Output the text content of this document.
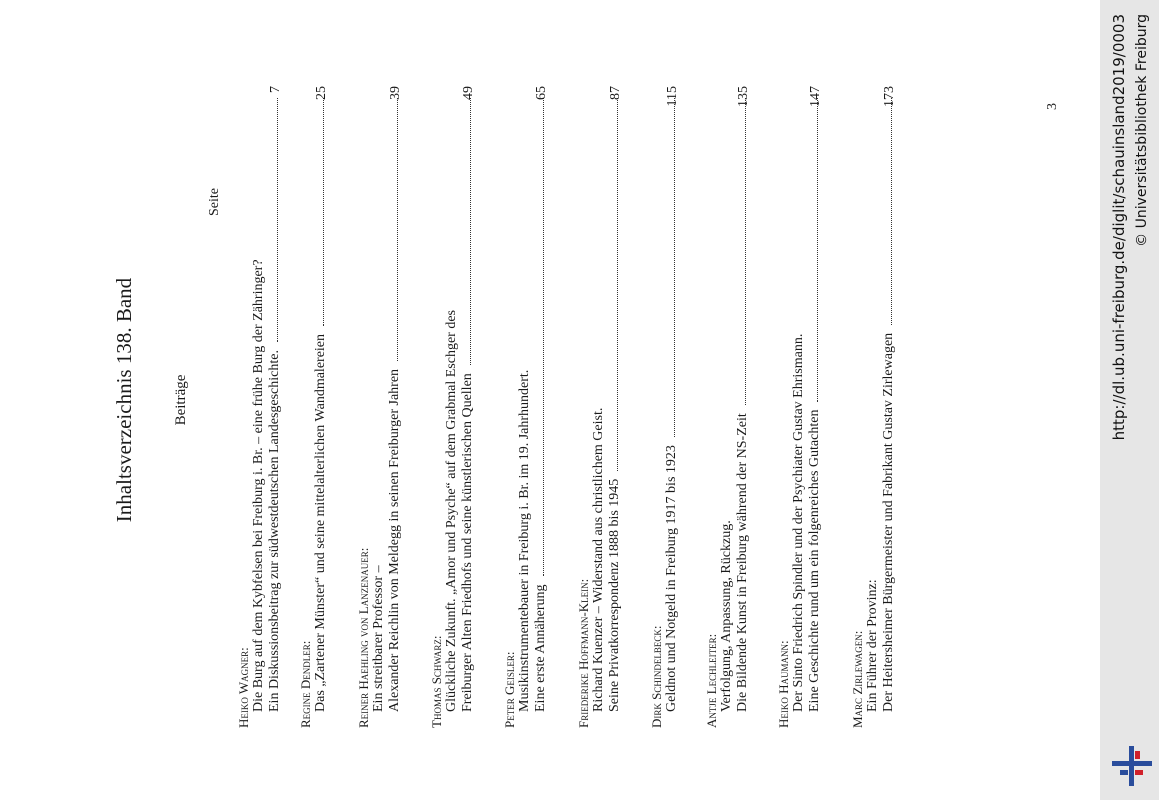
Inhaltsverzeichnis 138. Band Beiträge
Seite
Heiko Wagner: Die Burg auf dem Kybfelsen bei Freiburg i. Br. – eine frühe Burg der Zähringer? Ein Diskussionsbeitrag zur südwestdeutschen Landesgeschichte.
7
Regine Dendler: Das „Zartener Münster“ und seine mittelalterlichen Wandmalereien
25
Reiner Haehling von Lanzenauer: Ein streitbarer Professor – Alexander Reichlin von Meldegg in seinen Freiburger Jahren
39
Thomas Schwarz: Glückliche Zukunft. „Amor und Psyche“ auf dem Grabmal Eschger des Freiburger Alten Friedhofs und seine künstlerischen Quellen
49
Peter Geisler: Musikinstrumentebauer in Freiburg i. Br. im 19. Jahrhundert. Eine erste Annäherung
65
Friederike Hoffmann-Klein: Richard Kuenzer – Widerstand aus christlichem Geist. Seine Privatkorrespondenz 1888 bis 1945
87
Dirk Schindelbeck: Geldnot und Notgeld in Freiburg 1917 bis 1923
115
Antje Lechleiter: Verfolgung, Anpassung, Rückzug. Die Bildende Kunst in Freiburg während der NS-Zeit
135
Heiko Haumann: Der Sinto Friedrich Spindler und der Psychiater Gustav Ehrismann. Eine Geschichte rund um ein folgenreiches Gutachten
147
Marc Zirlewagen: Ein Führer der Provinz: Der Heitersheimer Bürgermeister und Fabrikant Gustav Zirlewagen
173	3	http://dl.ub.uni-freiburg.de/diglit/schauinsland2019/0003 © Universitätsbibliothek Freiburg
